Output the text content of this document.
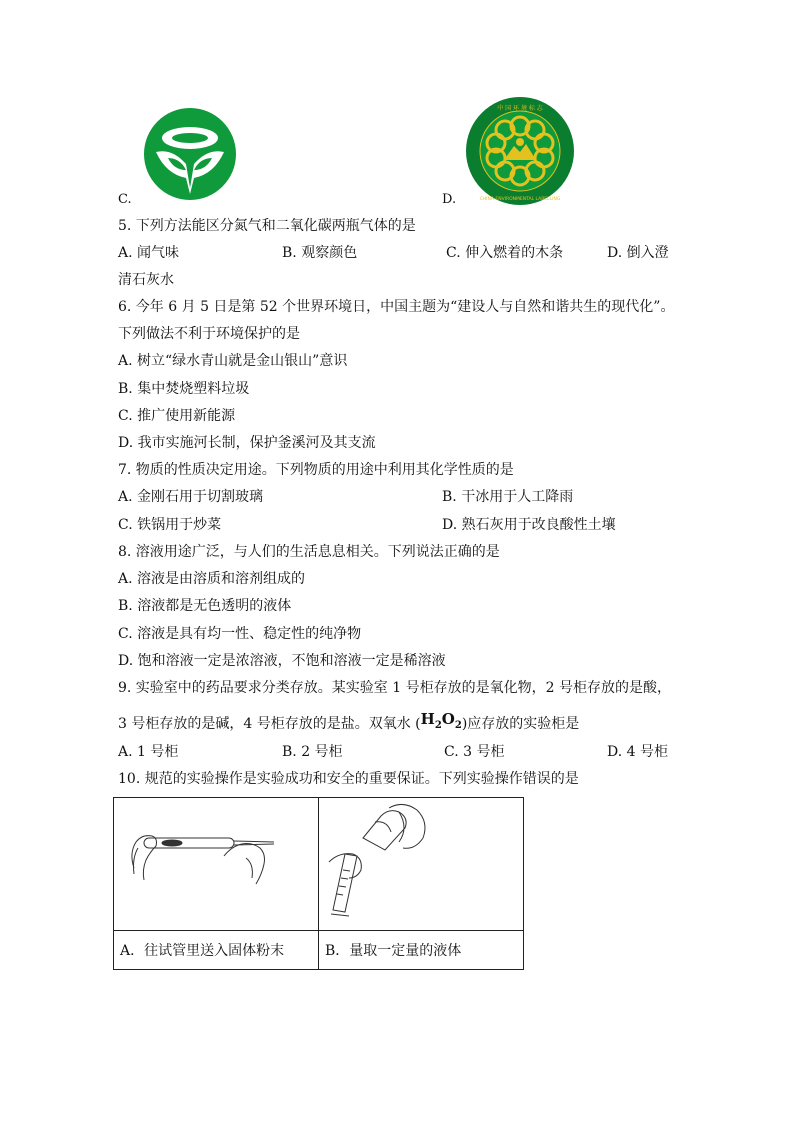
C.
中 国 环 境 标 志
CHINA ENVIRONMENTAL LABELLING
D.
5. 下列方法能区分氮气和二氧化碳两瓶气体的是
A. 闻气味	B. 观察颜色	C. 伸入燃着的木条	D. 倒入澄
清石灰水
6. 今年 6 月 5 日是第 52 个世界环境日，中国主题为“建设人与自然和谐共生的现代化”。
下列做法不利于环境保护的是
A. 树立“绿水青山就是金山银山”意识
B. 集中焚烧塑料垃圾
C. 推广使用新能源
D. 我市实施河长制，保护釜溪河及其支流
7. 物质的性质决定用途。下列物质的用途中利用其化学性质的是
A. 金刚石用于切割玻璃	B. 干冰用于人工降雨
C. 铁锅用于炒菜	D. 熟石灰用于改良酸性土壤
8. 溶液用途广泛，与人们的生活息息相关。下列说法正确的是
A. 溶液是由溶质和溶剂组成的
B. 溶液都是无色透明的液体
C. 溶液是具有均一性、稳定性的纯净物
D. 饱和溶液一定是浓溶液，不饱和溶液一定是稀溶液
9. 实验室中的药品要求分类存放。某实验室 1 号柜存放的是氧化物，2 号柜存放的是酸，
3 号柜存放的是碱，4 号柜存放的是盐。双氧水 $(H_2O_2)$应存放的实验柜是
A. 1 号柜	B. 2 号柜	C. 3 号柜	D. 4 号柜
10. 规范的实验操作是实验成功和安全的重要保证。下列实验操作错误的是

A．往试管里送入固体粉末	B．量取一定量的液体
